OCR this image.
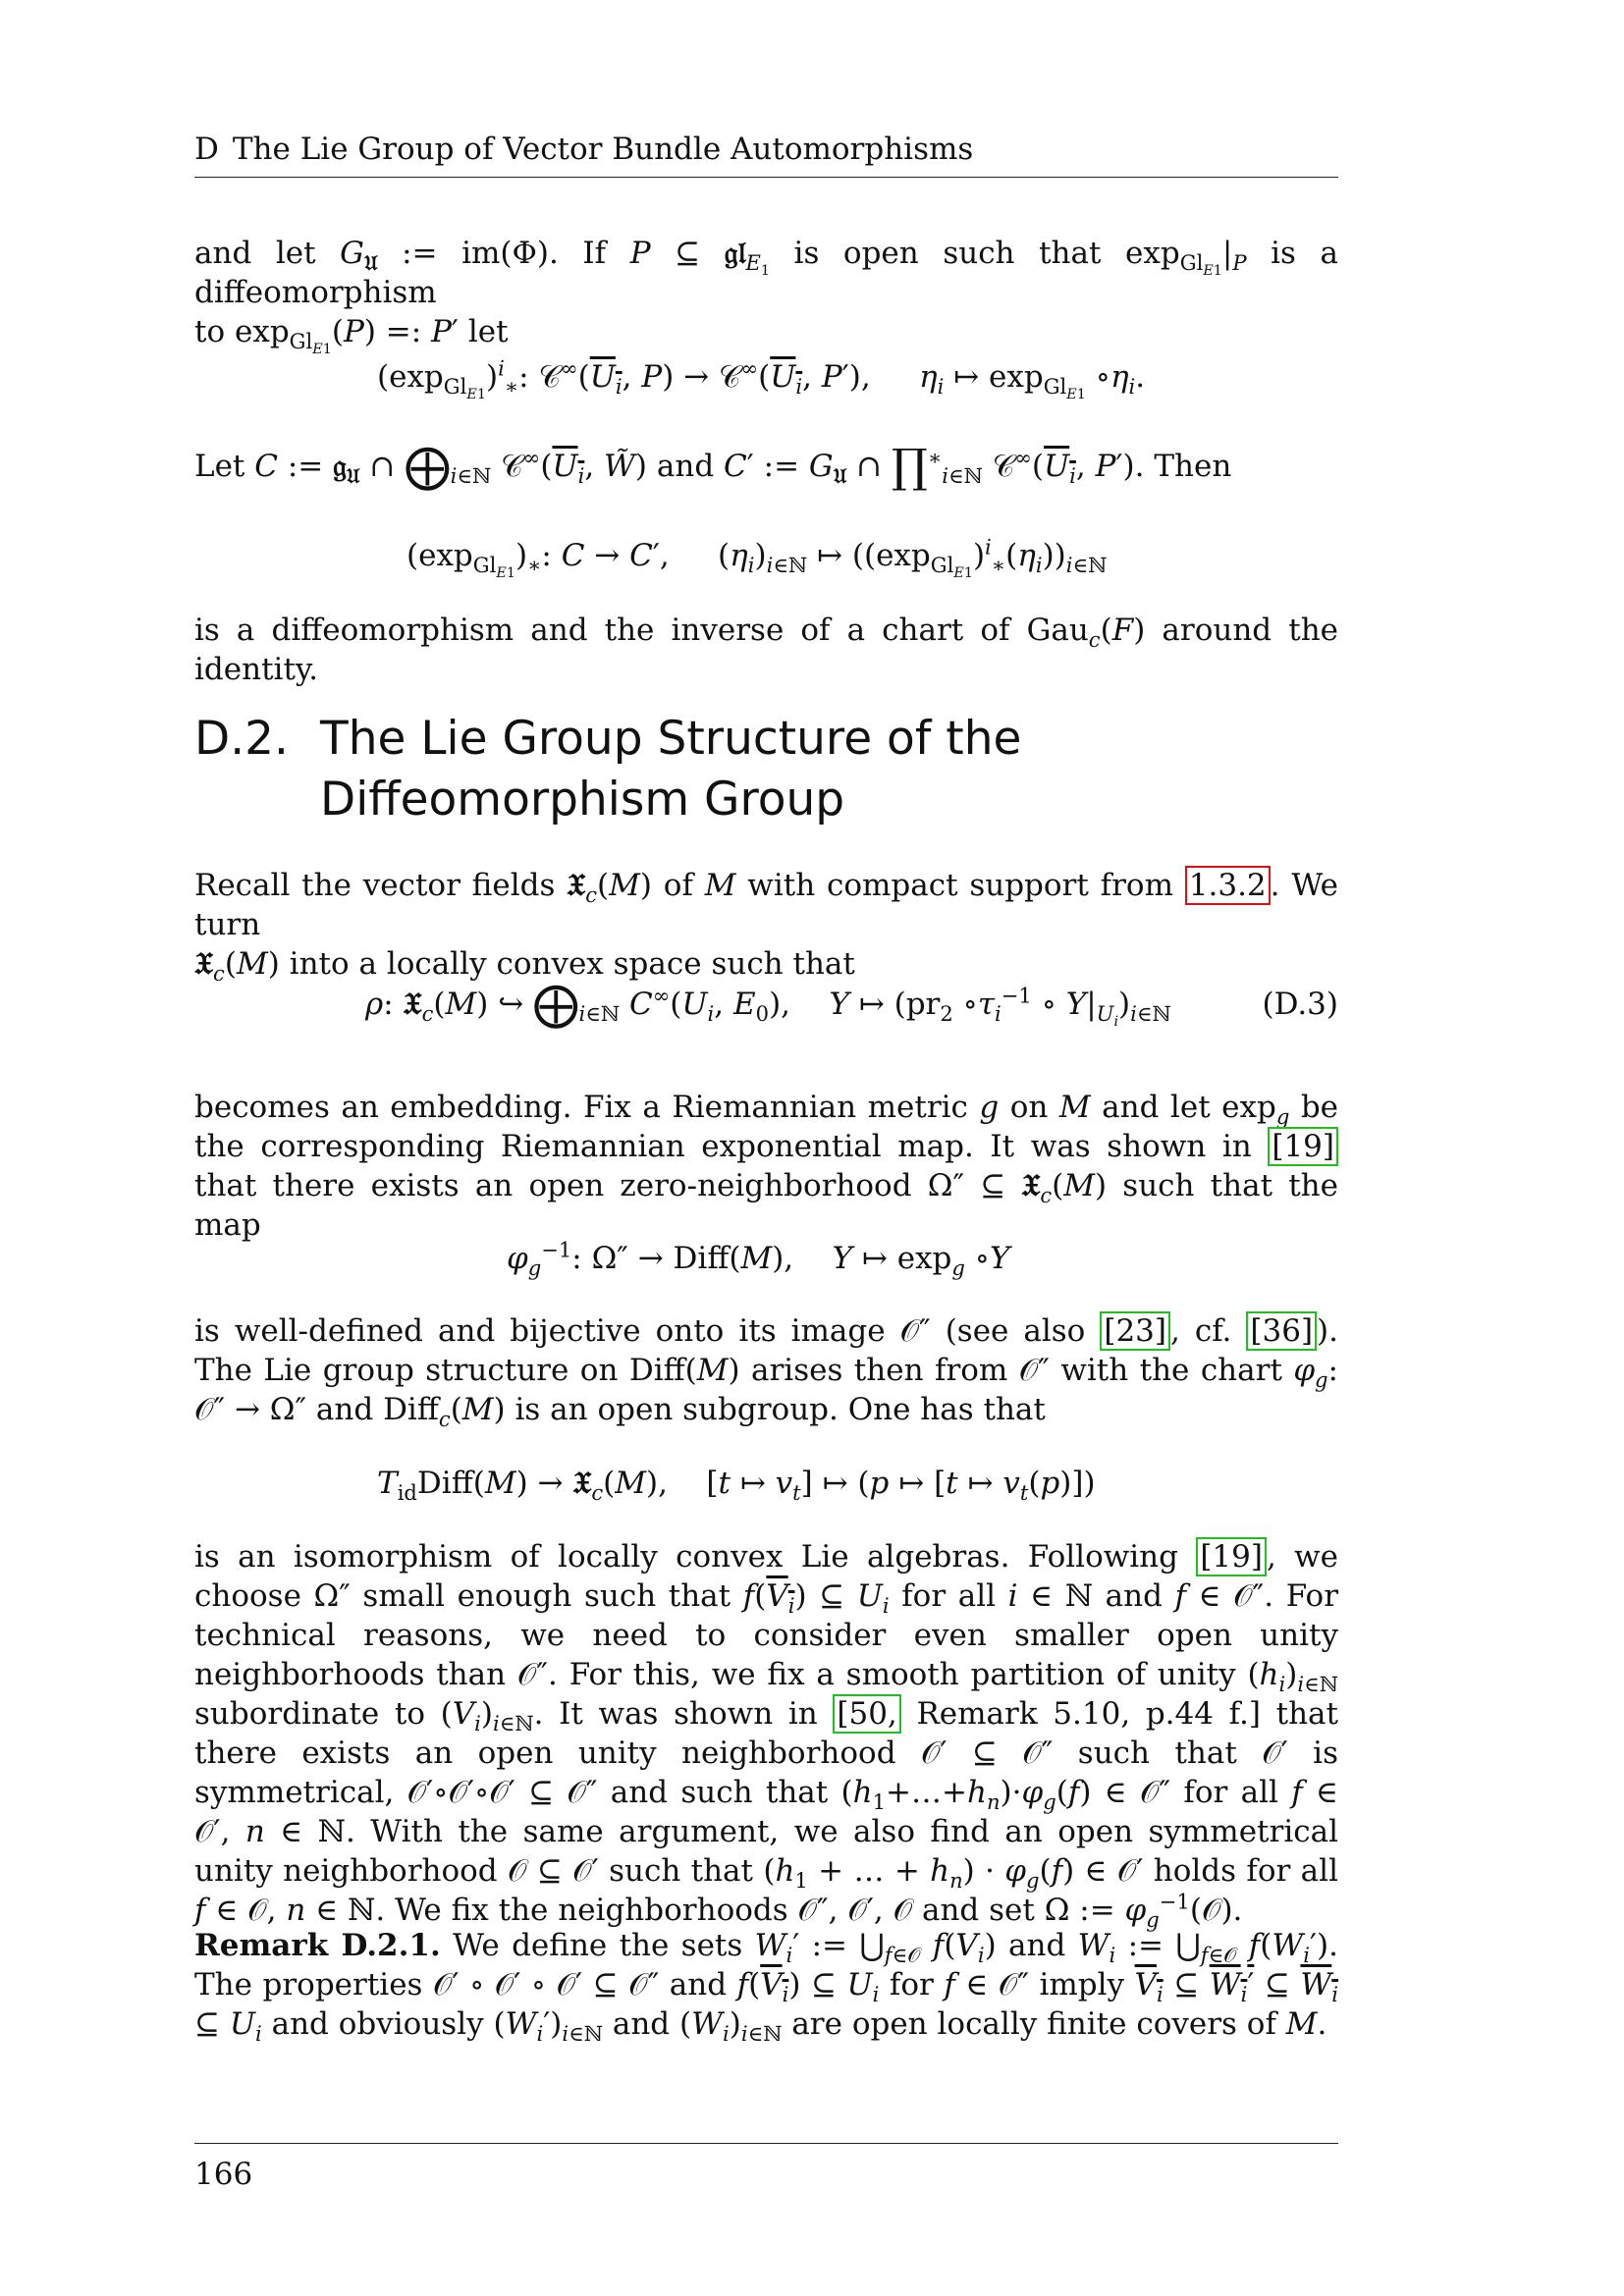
D The Lie Group of Vector Bundle Automorphisms
and let $G_𝔘$ := im(Φ). If P ⊆ 𝔤𝔩$_{E_1}$ is open such that $\exp_{Gl_{E1}}|_P$ is a diffeomorphism
to $\exp_{Gl_{E1}}(P)$ =: P′ let
$(\exp_{Gl_{E1}})^i_∗$: $𝒞^\infty(U_i$, $P) \to 𝒞^\infty(U_i$, P′),     $\eta_i$ ↦ $\exp_{Gl_{E1}}$ $\circ\eta_i$.
Let C := 𝔤$_𝔘$ ∩ $⨁_{i\in ℕ}$ $𝒞^\infty(U_i$, W̃) and C′ := $G_𝔘$ ∩ $\prod^∗_{i\in ℕ}$ $𝒞^\infty(U_i$, P′). Then
$(\exp_{Gl_{E1}})_∗$: C → C′,     $(\eta_i)_{i\in ℕ}$ ↦ $((\exp_{Gl_{E1}})^i_∗(\eta_i))_{i\in ℕ}$
is a diffeomorphism and the inverse of a chart of Gau$_c$(F) around the identity.
D.2. The Lie Group Structure of the
Diffeomorphism Group
Recall the vector fields 𝔛$_c$(M) of M with compact support from 1.3.2 . We turn
𝔛$_c$(M) into a locally convex space such that
ρ: 𝔛$_c$(M) ↪ $⨁_{i\in ℕ}$ $C^\infty(U_i$, $E_0$),    Y ↦ ($pr_2$ $\circ\tau_i^{-1}$ ∘ $Y|_{U_i})_{i\in ℕ}$	(D.3)
becomes an embedding. Fix a Riemannian metric g on M and let $\exp_g$ be the corresponding Riemannian exponential map. It was shown in [19] that there exists an open zero-neighborhood Ω″ ⊆ 𝔛$_c$(M) such that the map
$\varphi_g^{-1}$: Ω″ → Diff(M),    Y ↦ $\exp_g$ ∘Y
is well-defined and bijective onto its image 𝒪″ (see also [23] , cf. [36] ). The Lie group structure on Diff(M) arises then from 𝒪″ with the chart $\varphi_g$: 𝒪″ → Ω″ and Diff$_c$(M) is an open subgroup. One has that
$T_{id}Diff(M)$ → 𝔛$_c$(M),    [t ↦ $v_t$] ↦ (p ↦ [t ↦ $v_t(p)$])
is an isomorphism of locally convex Lie algebras. Following [19] , we choose Ω″ small enough such that $f(V_i)$ ⊆ $U_i$ for all i ∈ ℕ and f ∈ 𝒪″. For technical reasons, we need to consider even smaller open unity neighborhoods than 𝒪″. For this, we fix a smooth partition of unity $(h_i)_{i\in ℕ}$ subordinate to $(V_i)_{i\in ℕ}$. It was shown in [50, Remark 5.10, p.44 f.] that there exists an open unity neighborhood 𝒪′ ⊆ 𝒪″ such that 𝒪′ is symmetrical, 𝒪′∘𝒪′∘𝒪′ ⊆ 𝒪″ and such that $(h_1+\dots+h_n)\cdot\varphi_g(f)$ ∈ 𝒪″ for all f ∈ 𝒪′, n ∈ ℕ. With the same argument, we also find an open symmetrical unity neighborhood 𝒪 ⊆ 𝒪′ such that ($h_1$ + … + $h_n) \cdot \varphi_g(f)$ ∈ 𝒪′ holds for all f ∈ 𝒪, n ∈ ℕ. We fix the neighborhoods 𝒪″, 𝒪′, 𝒪 and set Ω := $\varphi_g^{-1}(𝒪)$.
Remark D.2.1. We define the sets $W_i'$ := $⋃_{f\in 𝒪}$ $f(V_i)$ and $W_i$ := $⋃_{f\in 𝒪}$ $f(W_i')$. The properties 𝒪′ ∘ 𝒪′ ∘ 𝒪′ ⊆ 𝒪″ and $f(V_i)$ ⊆ $U_i$ for f ∈ 𝒪″ imply $V_i$ ⊆ $W_i'$ ⊆ $W_i$ ⊆ $U_i$ and obviously $(W_i')_{i\in ℕ}$ and $(W_i)_{i\in ℕ}$ are open locally finite covers of M.
166
